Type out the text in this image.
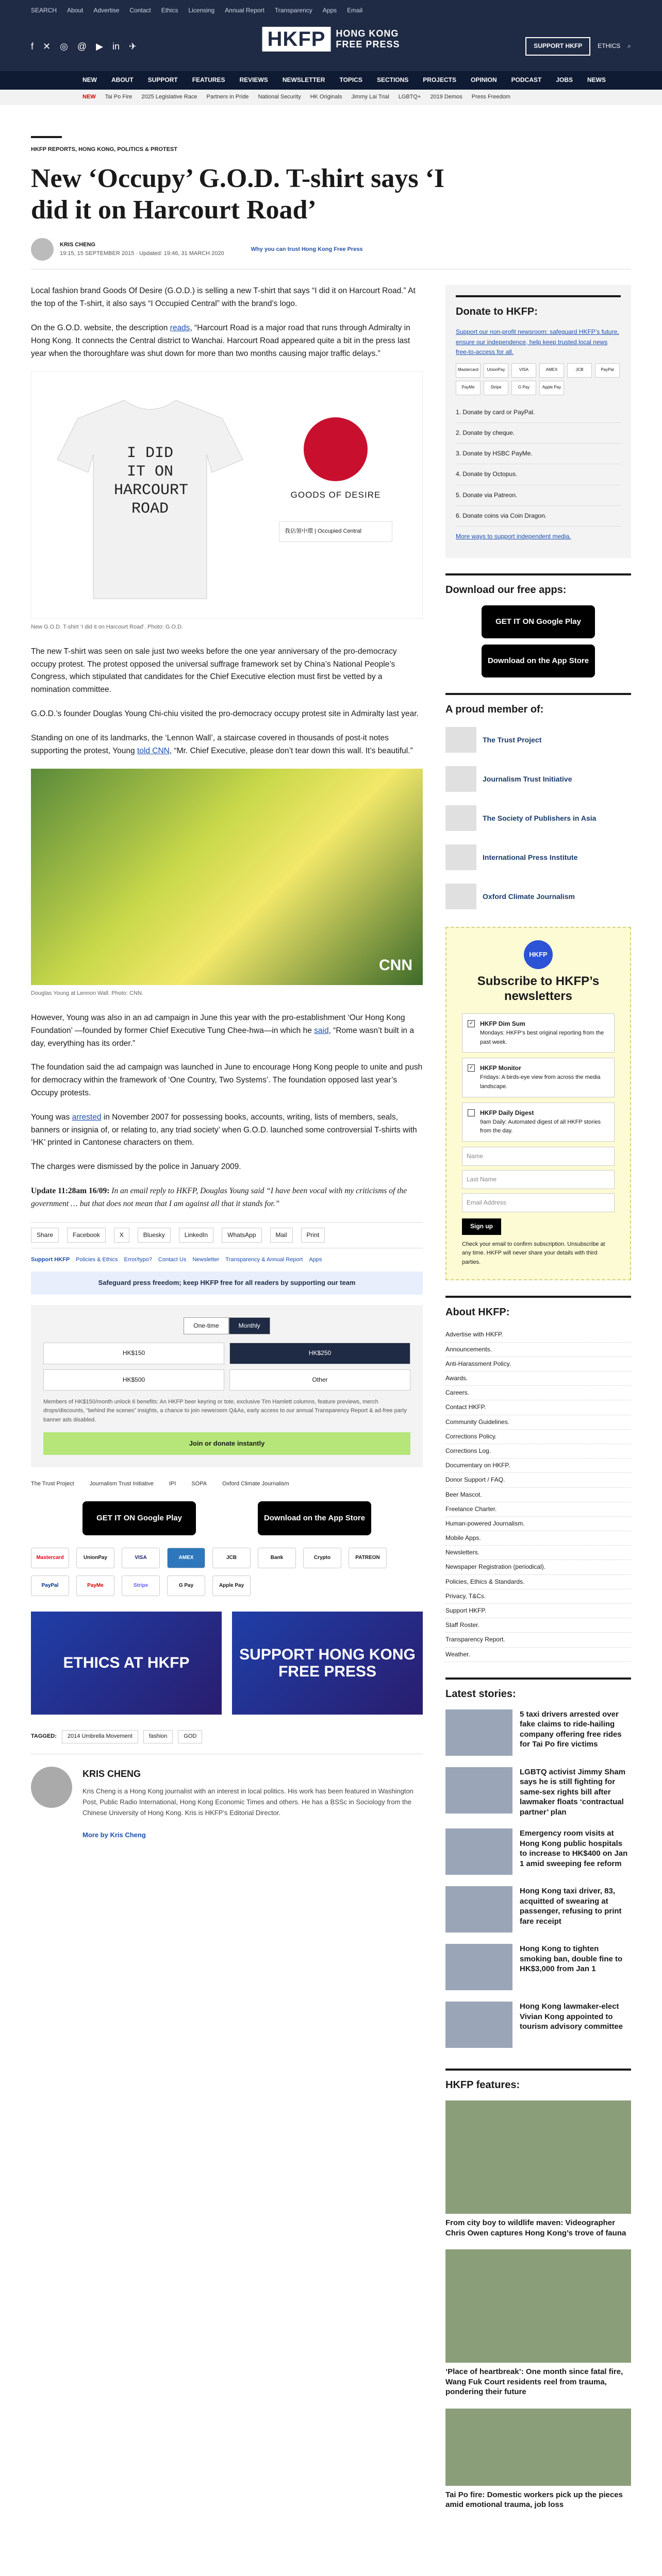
SEARCH About Advertise Contact Ethics Licensing Annual Report Transparency Apps Email
f ✕ ◎ @ ▶ in ✈	HKFP	HONG KONG
FREE PRESS	SUPPORT HKFP	ETHICS ⌕
NEW ABOUT SUPPORT FEATURES REVIEWS NEWSLETTER TOPICS SECTIONS PROJECTS OPINION PODCAST JOBS NEWS
NEW Tai Po Fire 2025 Legislative Race Partners in Pride National Security HK Originals Jimmy Lai Trial LGBTQ+ 2019 Demos Press Freedom
HKFP REPORTS, HONG KONG, POLITICS & PROTEST
New ‘Occupy’ G.O.D. T-shirt says ‘I did it on Harcourt Road’
KRIS CHENG
19:15, 15 SEPTEMBER 2015 · Updated: 19:46, 31 MARCH 2020
Why you can trust Hong Kong Free Press

Local fashion brand Goods Of Desire (G.O.D.) is selling a new T-shirt that says “I did it on Harcourt Road.” At the top of the T-shirt, it also says “I Occupied Central” with the brand’s logo.

On the G.O.D. website, the description reads, “Harcourt Road is a major road that runs through Admiralty in Hong Kong. It connects the Central district to Wanchai. Harcourt Road appeared quite a bit in the press last year when the thoroughfare was shut down for more than two months causing major traffic delays.”

I DID IT ON HARCOURT ROAD
GOODS OF DESIRE
我佔領中環 | Occupied Central
New G.O.D. T-shirt ‘I did it on Harcourt Road’. Photo: G.O.D.

The new T-shirt was seen on sale just two weeks before the one year anniversary of the pro-democracy occupy protest. The protest opposed the universal suffrage framework set by China’s National People’s Congress, which stipulated that candidates for the Chief Executive election must first be vetted by a nomination committee.

G.O.D.’s founder Douglas Young Chi-chiu visited the pro-democracy occupy protest site in Admiralty last year.

Standing on one of its landmarks, the ‘Lennon Wall’, a staircase covered in thousands of post-it notes supporting the protest, Young told CNN, “Mr. Chief Executive, please don’t tear down this wall. It’s beautiful.”

CNN
Douglas Young at Lennon Wall. Photo: CNN.

However, Young was also in an ad campaign in June this year with the pro-establishment ‘Our Hong Kong Foundation’ —founded by former Chief Executive Tung Chee-hwa—in which he said, “Rome wasn’t built in a day, everything has its order.”

The foundation said the ad campaign was launched in June to encourage Hong Kong people to unite and push for democracy within the framework of ‘One Country, Two Systems’. The foundation opposed last year’s Occupy protests.

Young was arrested in November 2007 for possessing books, accounts, writing, lists of members, seals, banners or insignia of, or relating to, any triad society’ when G.O.D. launched some controversial T-shirts with ‘HK’ printed in Cantonese characters on them.

The charges were dismissed by the police in January 2009.

Update 11:28am 16/09: In an email reply to HKFP, Douglas Young said “I have been vocal with my criticisms of the government … but that does not mean that I am against all that it stands for.”

Share	Facebook	X	Bluesky	LinkedIn	WhatsApp	Mail	Print
Support HKFP Policies & Ethics Error/typo? Contact Us Newsletter Transparency & Annual Report Apps
Safeguard press freedom; keep HKFP free for all readers by supporting our team
One-time	Monthly
HK$150	HK$250
HK$500	Other
Members of HK$150/month unlock 6 benefits: An HKFP beer keyring or tote, exclusive Tim Hamlett columns, feature previews, merch drops/discounts, “behind the scenes” insights, a chance to join newsroom Q&As, early access to our annual Transparency Report & ad-free party banner ads disabled.
Join or donate instantly
The Trust Project	Journalism Trust Initiative	IPI	SOPA	Oxford Climate Journalism
GET IT ON Google Play	Download on the App Store
Mastercard	UnionPay	VISA	AMEX	JCB	Bank	Crypto	PATREON
PayPal	PayMe	Stripe	G Pay	Apple Pay
ETHICS AT HKFP	SUPPORT HONG KONG FREE PRESS
TAGGED:	2014 Umbrella Movement	fashion	GOD
KRIS CHENG

Kris Cheng is a Hong Kong journalist with an interest in local politics. His work has been featured in Washington Post, Public Radio International, Hong Kong Economic Times and others. He has a BSSc in Sociology from the Chinese University of Hong Kong. Kris is HKFP’s Editorial Director.

More by Kris Cheng

Donate to HKFP:

Support our non-profit newsroom: safeguard HKFP’s future, ensure our independence, help keep trusted local news free-to-access for all.

Mastercard	UnionPay	VISA	AMEX	JCB	PayPal
PayMe	Stripe	G Pay	Apple Pay
1. Donate by card or PayPal.
2. Donate by cheque.
3. Donate by HSBC PayMe.
4. Donate by Octopus.
5. Donate via Patreon.
6. Donate coins via Coin Dragon.

More ways to support independent media.

Download our free apps:
GET IT ON Google Play
Download on the App Store
A proud member of:
The Trust Project
Journalism Trust Initiative
The Society of Publishers in Asia
International Press Institute
Oxford Climate Journalism
HKFP
Subscribe to HKFP’s newsletters
✓ HKFP Dim Sum
Mondays: HKFP’s best original reporting from the past week.
✓ HKFP Monitor
Fridays: A birds-eye view from across the media landscape.
HKFP Daily Digest
9am Daily: Automated digest of all HKFP stories from the day.
Name
Last Name
Email Address
Sign up

Check your email to confirm subscription. Unsubscribe at any time. HKFP will never share your details with third parties.

About HKFP:
Advertise with HKFP.
Announcements.
Anti-Harassment Policy.
Awards.
Careers.
Contact HKFP.
Community Guidelines.
Corrections Policy.
Corrections Log.
Documentary on HKFP.
Donor Support / FAQ.
Beer Mascot.
Freelance Charter.
Human-powered Journalism.
Mobile Apps.
Newsletters.
Newspaper Registration (periodical).
Policies, Ethics & Standards.
Privacy, T&Cs.
Support HKFP.
Staff Roster.
Transparency Report.
Weather.
Latest stories:
5 taxi drivers arrested over fake claims to ride-hailing company offering free rides for Tai Po fire victims
LGBTQ activist Jimmy Sham says he is still fighting for same-sex rights bill after lawmaker floats ‘contractual partner’ plan
Emergency room visits at Hong Kong public hospitals to increase to HK$400 on Jan 1 amid sweeping fee reform
Hong Kong taxi driver, 83, acquitted of swearing at passenger, refusing to print fare receipt
Hong Kong to tighten smoking ban, double fine to HK$3,000 from Jan 1
Hong Kong lawmaker-elect Vivian Kong appointed to tourism advisory committee
HKFP features:
From city boy to wildlife maven: Videographer Chris Owen captures Hong Kong’s trove of fauna
‘Place of heartbreak’: One month since fatal fire, Wang Fuk Court residents reel from trauma, pondering their future
Tai Po fire: Domestic workers pick up the pieces amid emotional trauma, job loss
